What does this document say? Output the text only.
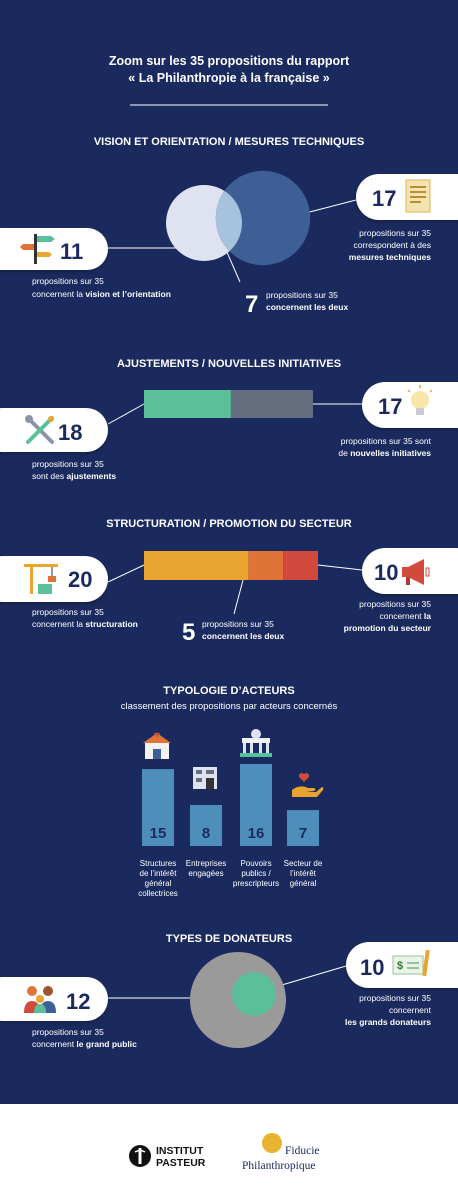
Zoom sur les 35 propositions du rapport
« La Philanthropie à la française »
VISION ET ORIENTATION / MESURES TECHNIQUES
11
propositions sur 35
concernent la vision et l’orientation
17
propositions sur 35
correspondent à des
mesures techniques
7 propositions sur 35
concernent les deux
AJUSTEMENTS / NOUVELLES INITIATIVES
18
propositions sur 35
sont des ajustements
17
propositions sur 35 sont
de nouvelles initiatives
STRUCTURATION / PROMOTION DU SECTEUR
20
propositions sur 35
concernent la structuration
10
propositions sur 35
concernent la
promotion du secteur
5 propositions sur 35
concernent les deux
TYPOLOGIE D’ACTEURS
classement des propositions par acteurs concernés
15 8 16 7
Structures
de l’intérêt
général
collectrices
Entreprises
engagées
Pouvoirs
publics /
prescripteurs
Secteur de
l’intérêt
général
TYPES DE DONATEURS
12
propositions sur 35
concernent le grand public
10 $
propositions sur 35
concernent
les grands donateurs
INSTITUT
PASTEUR
Fiducie
Philanthropique
